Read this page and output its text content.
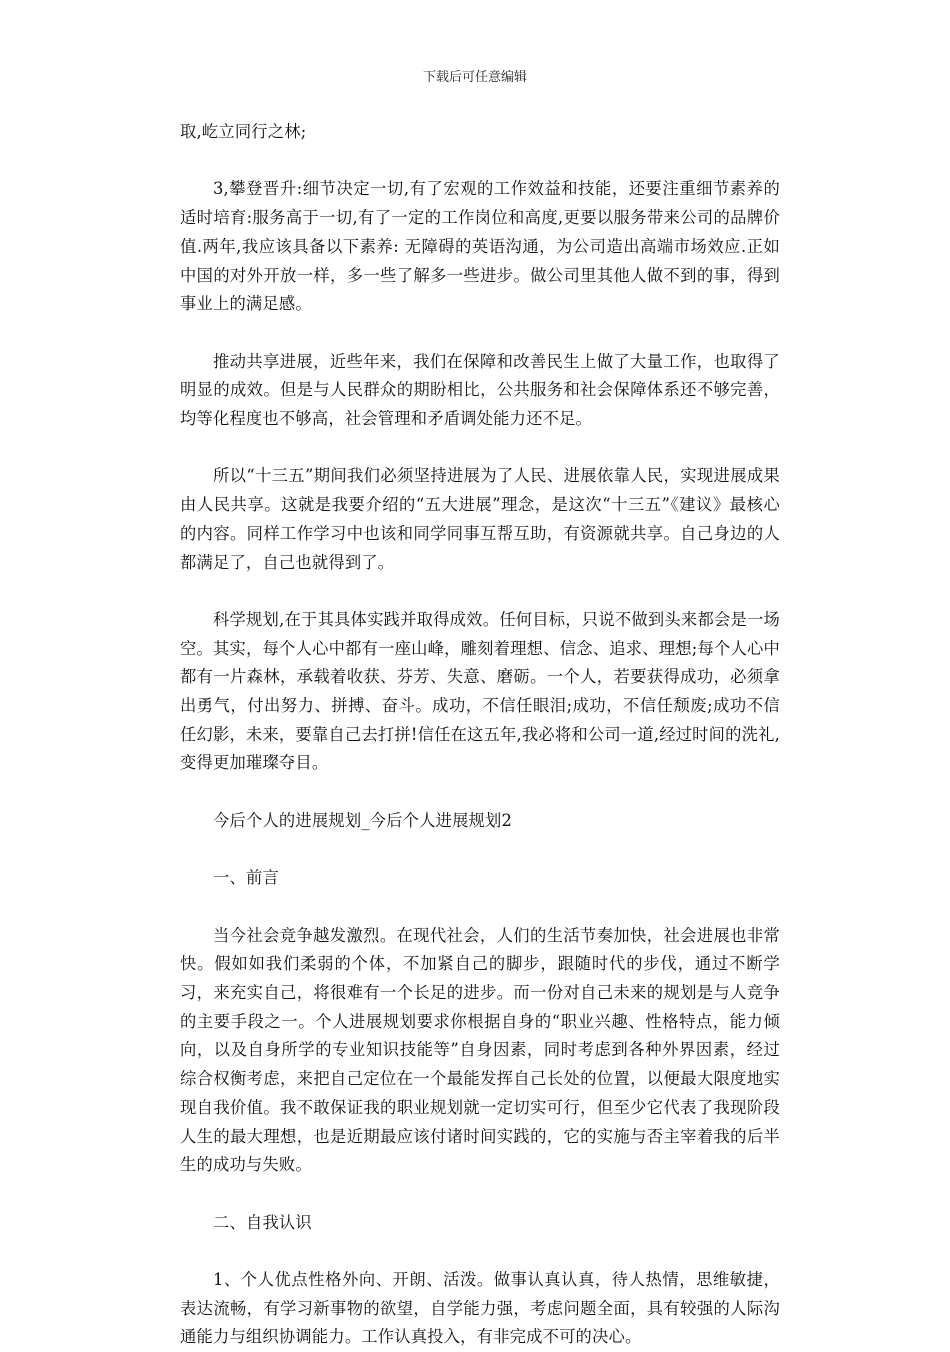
下载后可任意编辑

取,屹立同行之林;

3,攀登晋升:细节决定一切,有了宏观的工作效益和技能，还要注重细节素养的适时培育:服务高于一切,有了一定的工作岗位和高度,更要以服务带来公司的品牌价值.两年,我应该具备以下素养: 无障碍的英语沟通，为公司造出高端市场效应.正如中国的对外开放一样，多一些了解多一些进步。做公司里其他人做不到的事，得到事业上的满足感。

推动共享进展，近些年来，我们在保障和改善民生上做了大量工作，也取得了明显的成效。但是与人民群众的期盼相比，公共服务和社会保障体系还不够完善，均等化程度也不够高，社会管理和矛盾调处能力还不足。

所以“十三五”期间我们必须坚持进展为了人民、进展依靠人民，实现进展成果由人民共享。这就是我要介绍的“五大进展”理念，是这次“十三五”《建议》最核心的内容。同样工作学习中也该和同学同事互帮互助，有资源就共享。自己身边的人都满足了，自己也就得到了。

科学规划,在于其具体实践并取得成效。任何目标，只说不做到头来都会是一场空。其实，每个人心中都有一座山峰，雕刻着理想、信念、追求、理想;每个人心中都有一片森林，承载着收获、芬芳、失意、磨砺。一个人，若要获得成功，必须拿出勇气，付出努力、拼搏、奋斗。成功，不信任眼泪;成功，不信任颓废;成功不信任幻影，未来，要靠自己去打拼!信任在这五年,我必将和公司一道,经过时间的洗礼,变得更加璀璨夺目。

今后个人的进展规划_今后个人进展规划2

一、前言

当今社会竞争越发激烈。在现代社会，人们的生活节奏加快，社会进展也非常快。假如如我们柔弱的个体，不加紧自己的脚步，跟随时代的步伐，通过不断学习，来充实自己，将很难有一个长足的进步。而一份对自己未来的规划是与人竞争的主要手段之一。个人进展规划要求你根据自身的“职业兴趣、性格特点，能力倾向，以及自身所学的专业知识技能等”自身因素，同时考虑到各种外界因素，经过综合权衡考虑，来把自己定位在一个最能发挥自己长处的位置，以便最大限度地实现自我价值。我不敢保证我的职业规划就一定切实可行，但至少它代表了我现阶段人生的最大理想，也是近期最应该付诸时间实践的，它的实施与否主宰着我的后半生的成功与失败。

二、自我认识

1、个人优点性格外向、开朗、活泼。做事认真认真，待人热情，思维敏捷，表达流畅，有学习新事物的欲望，自学能力强，考虑问题全面，具有较强的人际沟通能力与组织协调能力。工作认真投入，有非完成不可的决心。
